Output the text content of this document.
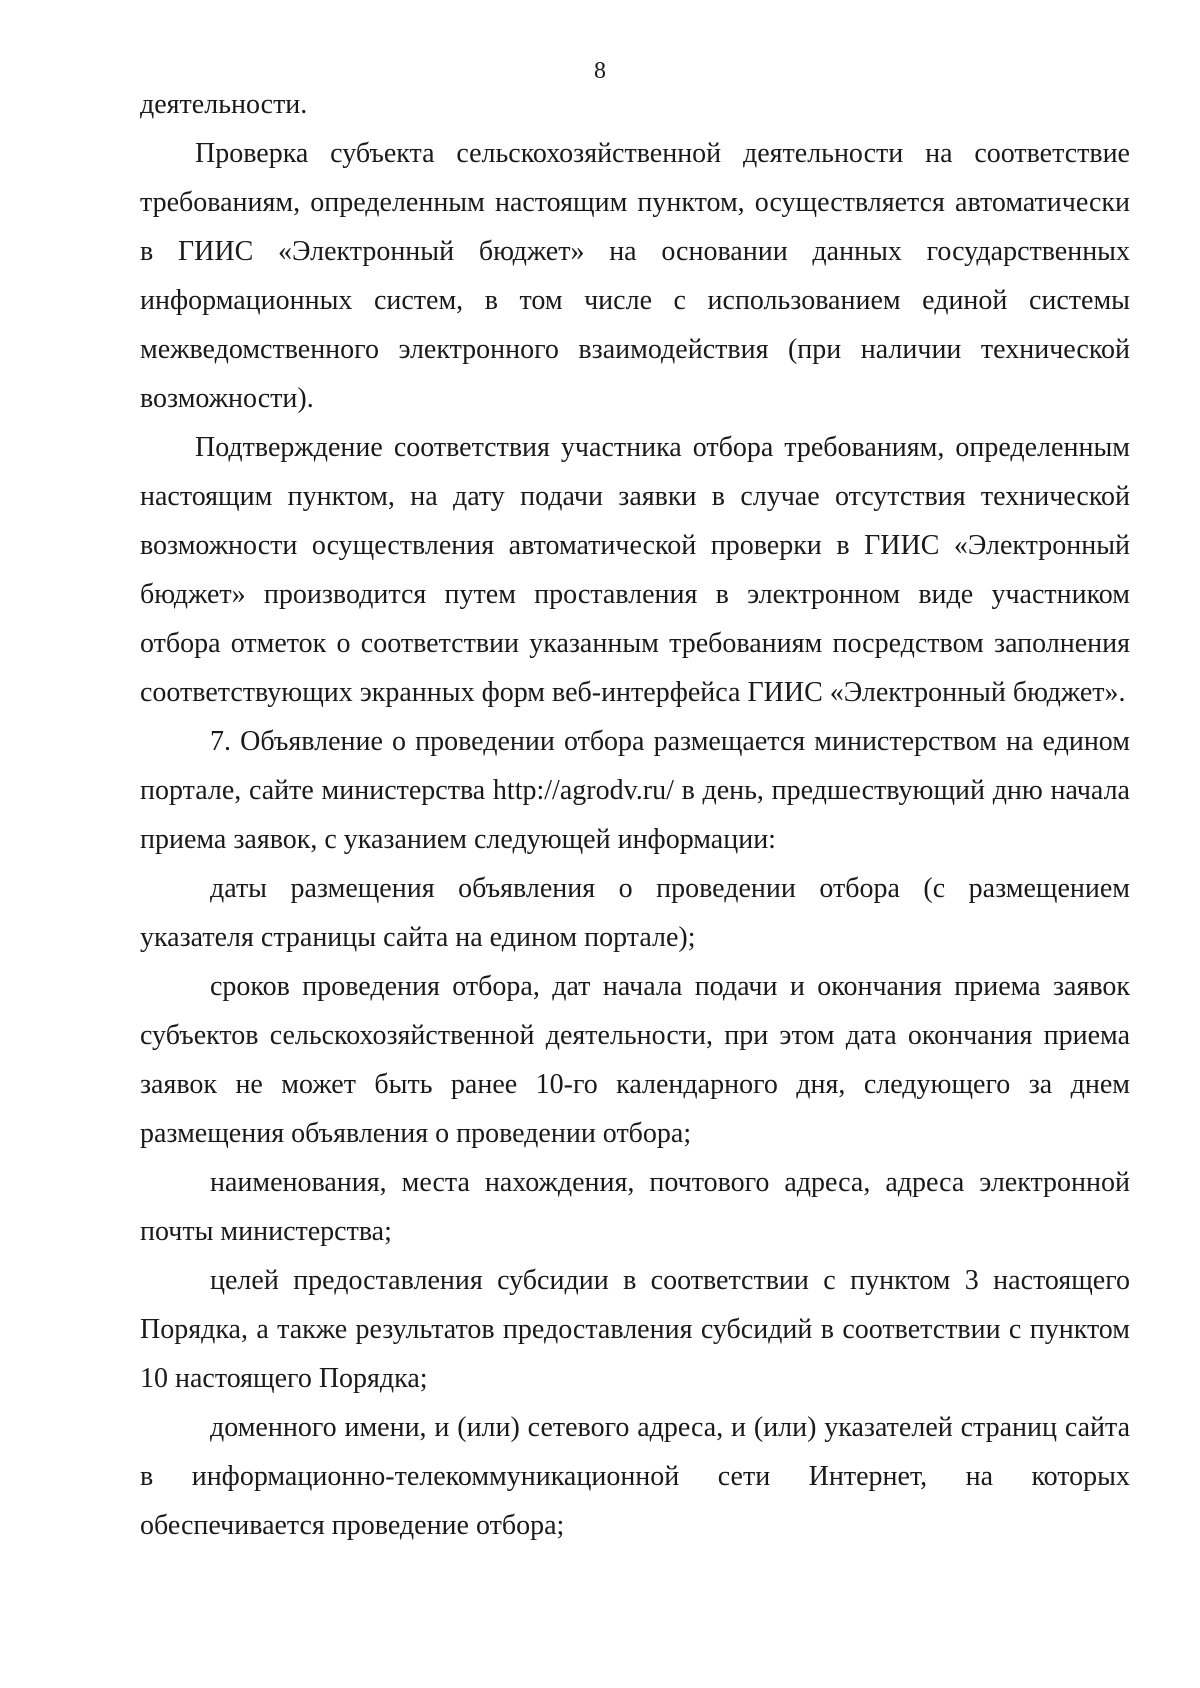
8

деятельности.

Проверка субъекта сельскохозяйственной деятельности на соответствие требованиям, определенным настоящим пунктом, осуществляется автоматически в ГИИС «Электронный бюджет» на основании данных государственных информационных систем, в том числе с использованием единой системы межведомственного электронного взаимодействия (при наличии технической возможности).

Подтверждение соответствия участника отбора требованиям, определенным настоящим пунктом, на дату подачи заявки в случае отсутствия технической возможности осуществления автоматической проверки в ГИИС «Электронный бюджет» производится путем проставления в электронном виде участником отбора отметок о соответствии указанным требованиям посредством заполнения соответствующих экранных форм веб-интерфейса ГИИС «Электронный бюджет».

7. Объявление о проведении отбора размещается министерством на едином портале, сайте министерства http://agrodv.ru/ в день, предшествующий дню начала приема заявок, с указанием следующей информации:

даты размещения объявления о проведении отбора (с размещением указателя страницы сайта на едином портале);

сроков проведения отбора, дат начала подачи и окончания приема заявок субъектов сельскохозяйственной деятельности, при этом дата окончания приема заявок не может быть ранее 10-го календарного дня, следующего за днем размещения объявления о проведении отбора;

наименования, места нахождения, почтового адреса, адреса электронной почты министерства;

целей предоставления субсидии в соответствии с пунктом 3 настоящего Порядка, а также результатов предоставления субсидий в соответствии с пунктом 10 настоящего Порядка;

доменного имени, и (или) сетевого адреса, и (или) указателей страниц сайта в информационно-телекоммуникационной сети Интернет, на которых обеспечивается проведение отбора;
